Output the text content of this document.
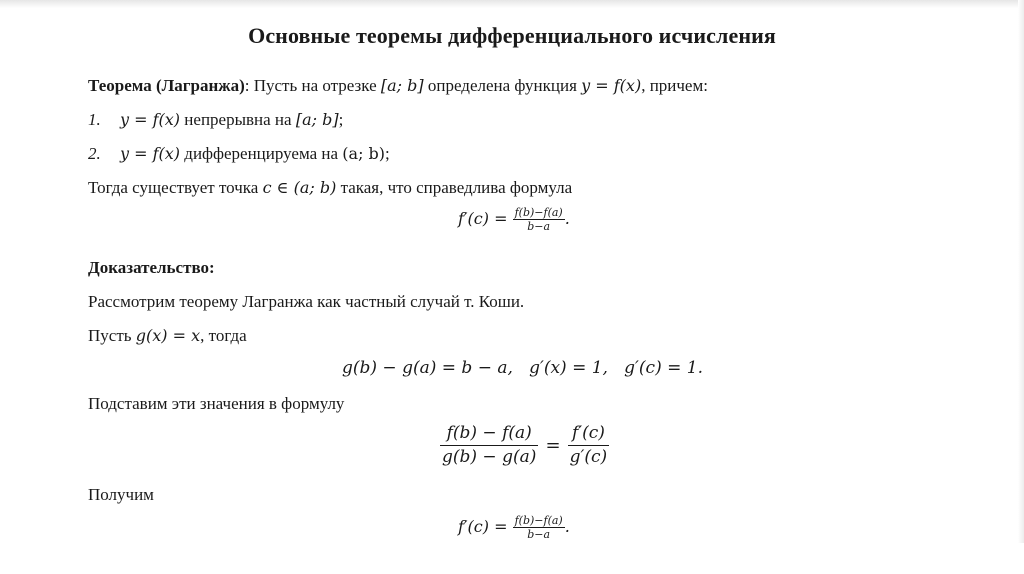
Основные теоремы дифференциального исчисления
Теорема (Лагранжа): Пусть на отрезке [a; b] определена функция y = f(x), причем:
1. y = f(x) непрерывна на [a; b];
2. y = f(x) дифференцируема на (a; b);
Тогда существует точка c ∈ (a; b) такая, что справедлива формула
$f'(c) = \frac{f(b)-f(a)}{b-a}$ .
Доказательство:
Рассмотрим теорему Лагранжа как частный случай т. Коши.
Пусть g(x) = x, тогда
g(b) − g(a) = b − a,   g′(x) = 1,   g′(c) = 1.
Подставим эти значения в формулу
$\frac{f(b) - f(a)}{g(b) - g(a)} = \frac{f'(c)}{g'(c)}$
Получим
$f'(c) = \frac{f(b)-f(a)}{b-a}$ .
